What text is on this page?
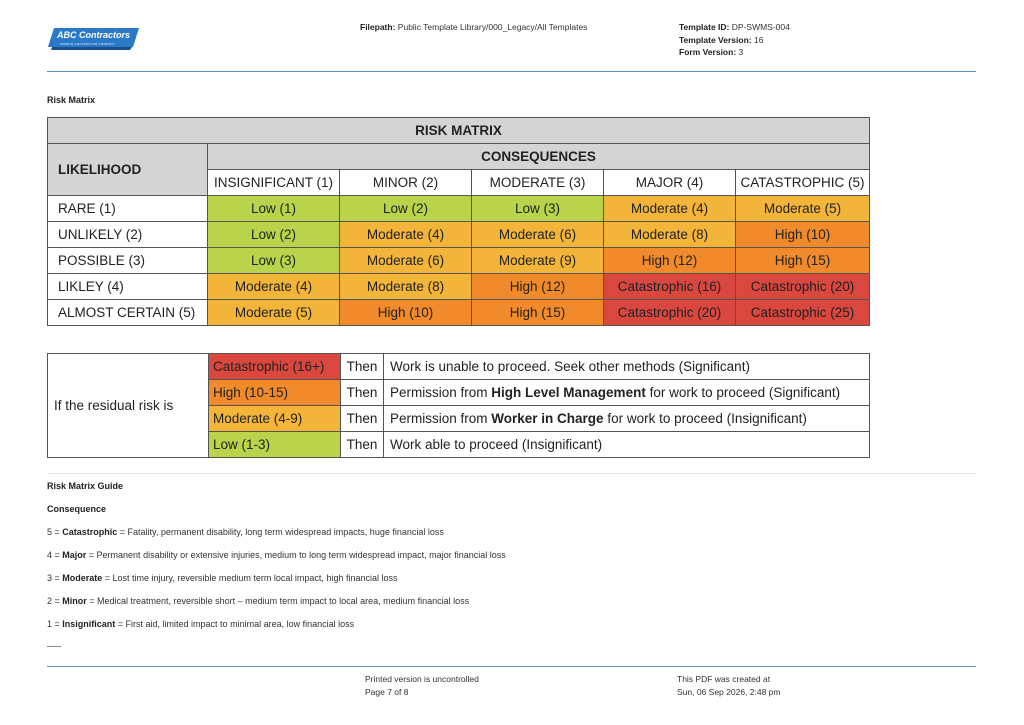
ABC Contractors
SAMPLE CONTRACTOR COMPANY
Filepath: Public Template Library/000_Legacy/All Templates	Template ID: DP-SWMS-004
Template Version: 16
Form Version: 3
Risk Matrix
RISK MATRIX					
LIKELIHOOD	CONSEQUENCES				
	INSIGNIFICANT (1)	MINOR (2)	MODERATE (3)	MAJOR (4)	CATASTROPHIC (5)
RARE (1)	Low (1)	Low (2)	Low (3)	Moderate (4)	Moderate (5)
UNLIKELY (2)	Low (2)	Moderate (4)	Moderate (6)	Moderate (8)	High (10)
POSSIBLE (3)	Low (3)	Moderate (6)	Moderate (9)	High (12)	High (15)
LIKLEY (4)	Moderate (4)	Moderate (8)	High (12)	Catastrophic (16)	Catastrophic (20)
ALMOST CERTAIN (5)	Moderate (5)	High (10)	High (15)	Catastrophic (20)	Catastrophic (25)
If the residual risk is	Catastrophic (16+)	Then	Work is unable to proceed. Seek other methods (Significant)
	High (10-15)	Then	Permission from High Level Management for work to proceed (Significant)
	Moderate (4-9)	Then	Permission from Worker in Charge for work to proceed (Insignificant)
	Low (1-3)	Then	Work able to proceed (Insignificant)
Risk Matrix Guide
Consequence
5 = Catastrophic = Fatality, permanent disability, long term widespread impacts, huge financial loss
4 = Major = Permanent disability or extensive injuries, medium to long term widespread impact, major financial loss
3 = Moderate = Lost time injury, reversible medium term local impact, high financial loss
2 = Minor = Medical treatment, reversible short – medium term impact to local area, medium financial loss
1 = Insignificant = First aid, limited impact to minimal area, low financial loss
Printed version is uncontrolled
Page 7 of 8
This PDF was created at
Sun, 06 Sep 2026, 2:48 pm
